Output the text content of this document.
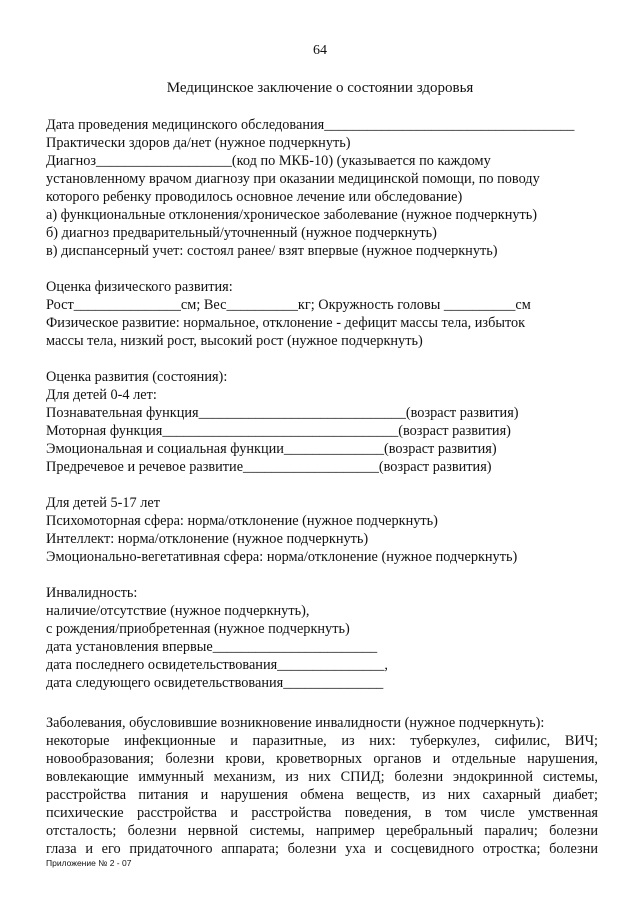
64
Медицинское заключение о состоянии здоровья
Дата проведения медицинского обследования___________________________________
Практически здоров да/нет (нужное подчеркнуть)
Диагноз___________________(код по МКБ-10) (указывается по каждому
установленному врачом диагнозу при оказании медицинской помощи, по поводу
которого ребенку проводилось основное лечение или обследование)
а) функциональные отклонения/хроническое заболевание (нужное подчеркнуть)
б) диагноз предварительный/уточненный (нужное подчеркнуть)
в) диспансерный учет: состоял ранее/ взят впервые (нужное подчеркнуть)
Оценка физического развития:
Рост_______________см; Вес__________кг; Окружность головы __________см
Физическое развитие: нормальное, отклонение - дефицит массы тела, избыток
массы тела, низкий рост, высокий рост (нужное подчеркнуть)
Оценка развития (состояния):
Для детей 0-4 лет:
Познавательная функция_____________________________(возраст развития)
Моторная функция_________________________________(возраст развития)
Эмоциональная и социальная функции______________(возраст развития)
Предречевое и речевое развитие___________________(возраст развития)
Для детей 5-17 лет
Психомоторная сфера: норма/отклонение (нужное подчеркнуть)
Интеллект: норма/отклонение (нужное подчеркнуть)
Эмоционально-вегетативная сфера: норма/отклонение (нужное подчеркнуть)
Инвалидность:
наличие/отсутствие (нужное подчеркнуть),
с рождения/приобретенная (нужное подчеркнуть)
дата установления впервые_______________________
дата последнего освидетельствования_______________,
дата следующего освидетельствования______________
Заболевания, обусловившие возникновение инвалидности (нужное подчеркнуть):
некоторые инфекционные и паразитные, из них: туберкулез, сифилис, ВИЧ;
новообразования; болезни крови, кроветворных органов и отдельные нарушения,
вовлекающие иммунный механизм, из них СПИД; болезни эндокринной системы,
расстройства питания и нарушения обмена веществ, из них сахарный диабет;
психические расстройства и расстройства поведения, в том числе умственная
отсталость; болезни нервной системы, например церебральный паралич; болезни
глаза и его придаточного аппарата; болезни уха и сосцевидного отростка; болезни
Приложение № 2 - 07
